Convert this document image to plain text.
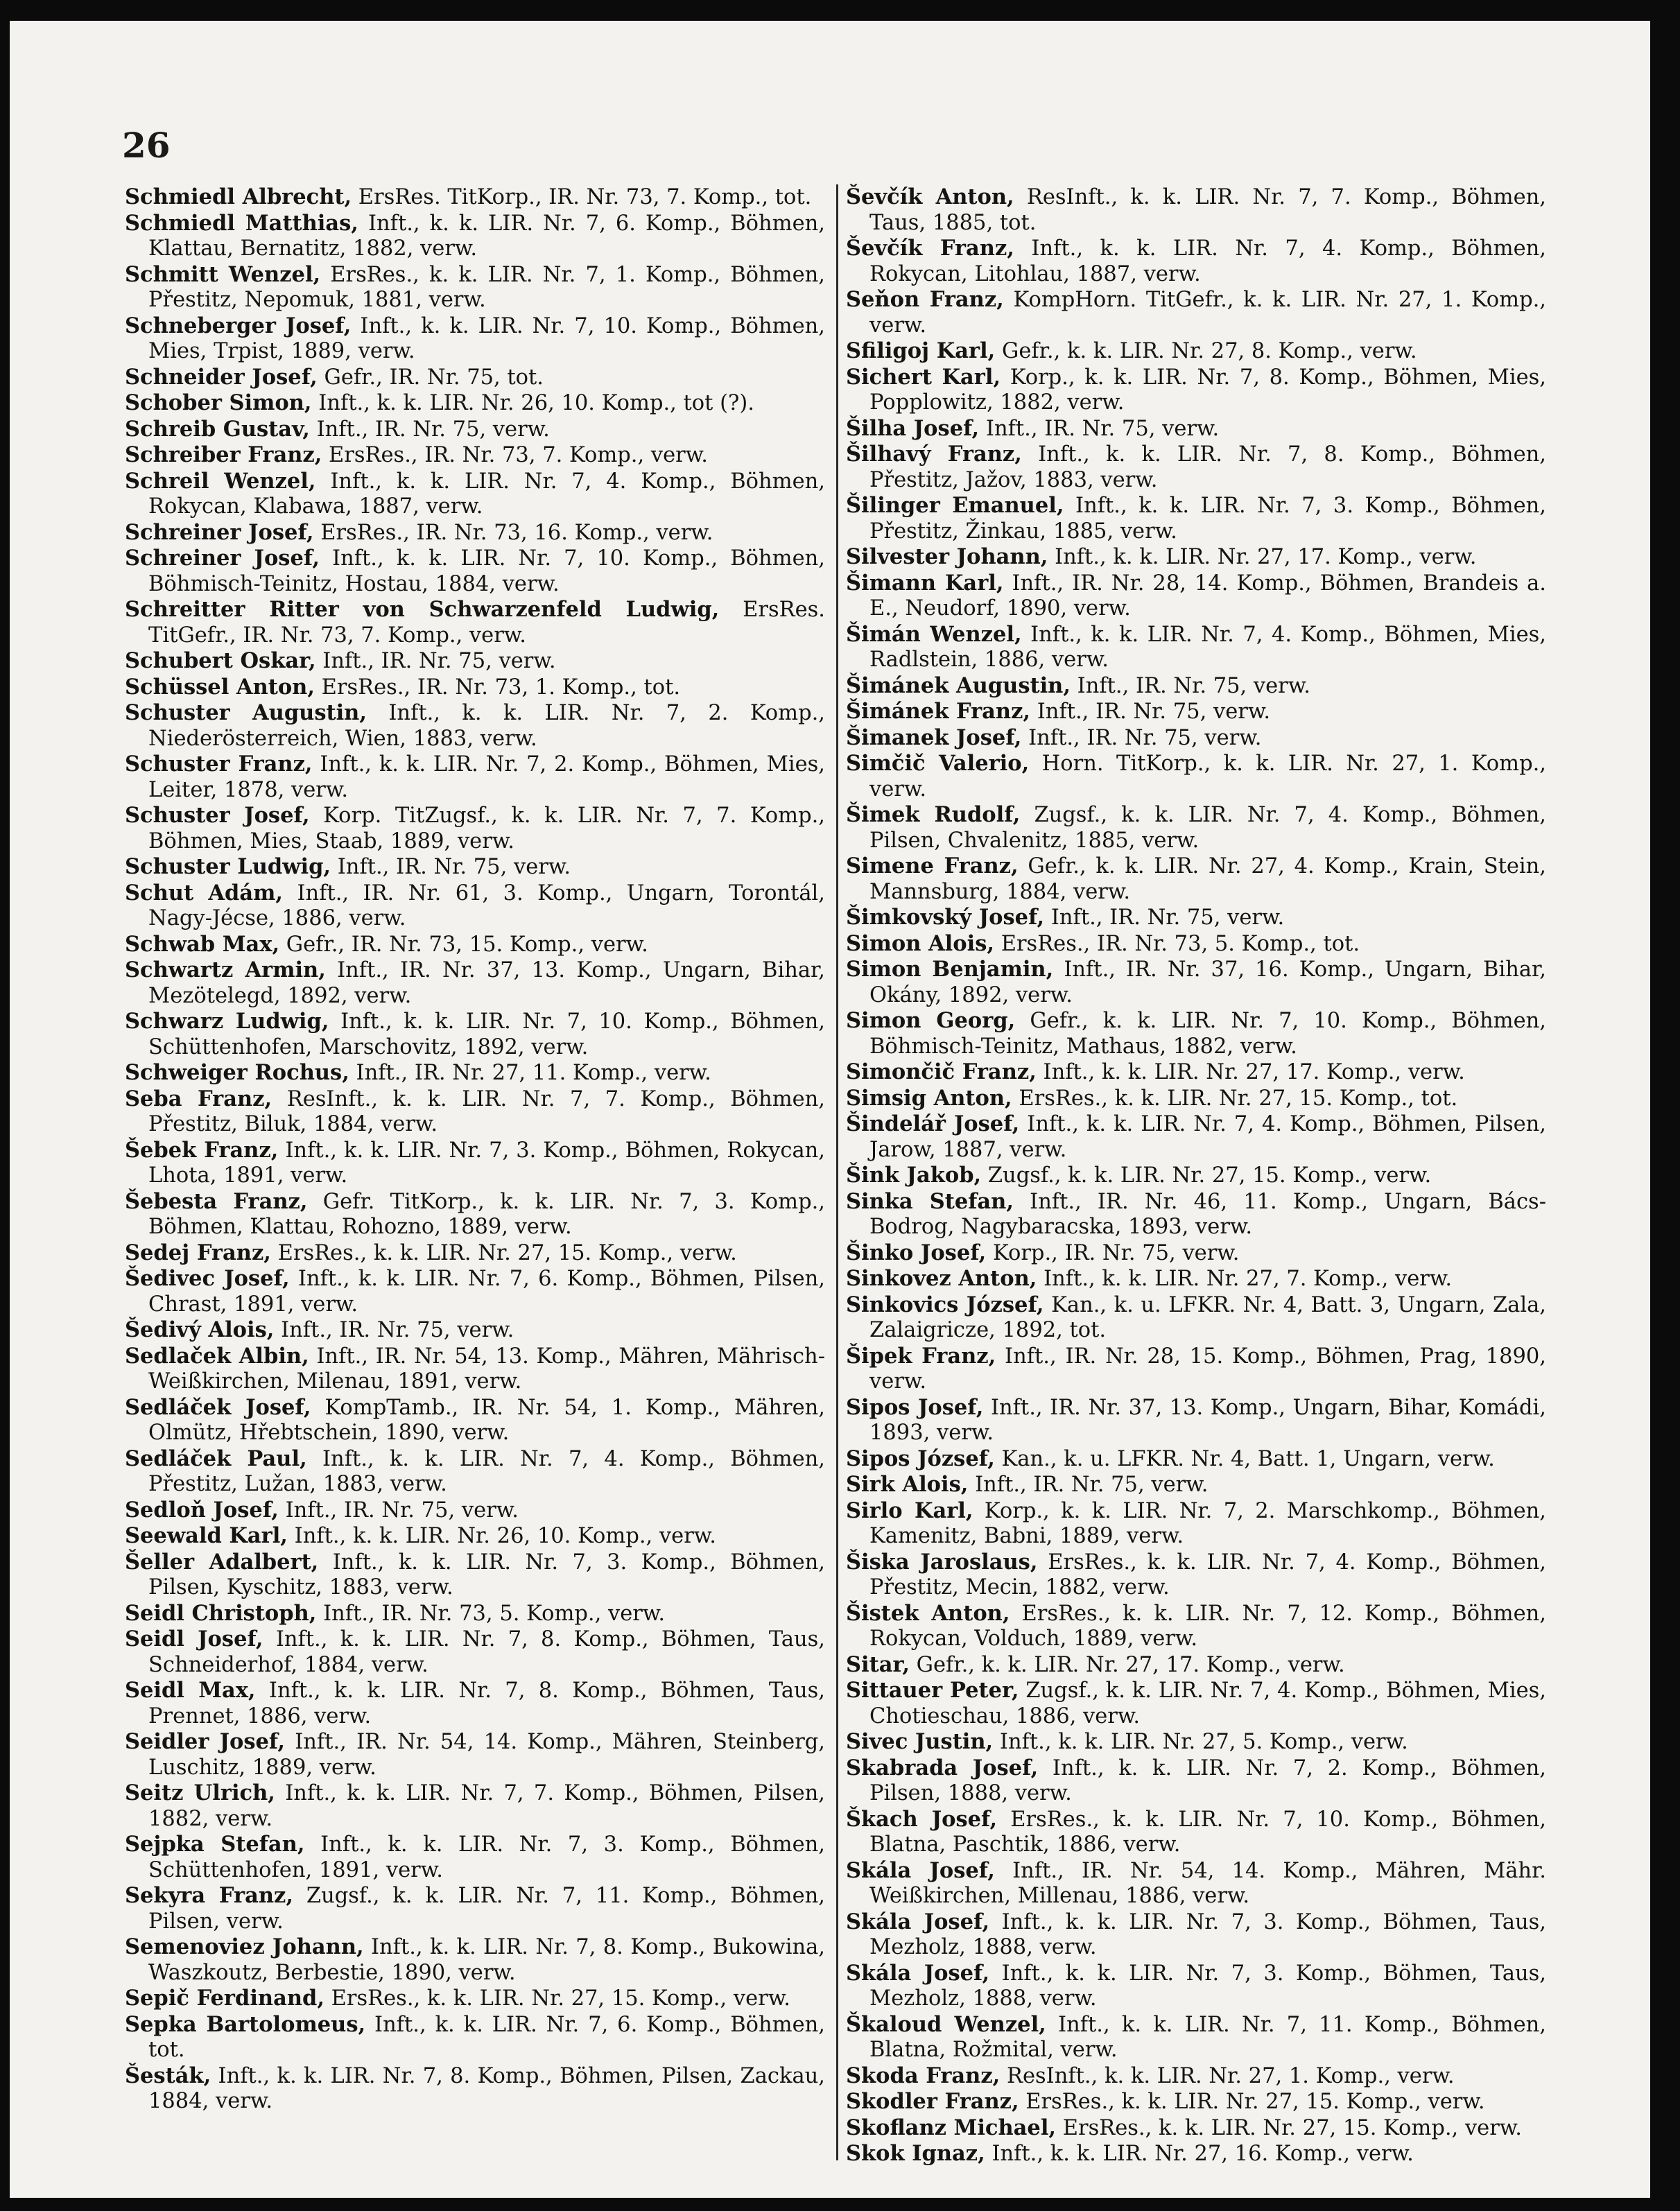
26

Schmiedl Albrecht, ErsRes. TitKorp., IR. Nr. 73, 7. Komp., tot.

Schmiedl Matthias, Inft., k. k. LIR. Nr. 7, 6. Komp., Böhmen, Klattau, Bernatitz, 1882, verw.

Schmitt Wenzel, ErsRes., k. k. LIR. Nr. 7, 1. Komp., Böhmen, Přestitz, Nepomuk, 1881, verw.

Schneberger Josef, Inft., k. k. LIR. Nr. 7, 10. Komp., Böhmen, Mies, Trpist, 1889, verw.

Schneider Josef, Gefr., IR. Nr. 75, tot.

Schober Simon, Inft., k. k. LIR. Nr. 26, 10. Komp., tot (?).

Schreib Gustav, Inft., IR. Nr. 75, verw.

Schreiber Franz, ErsRes., IR. Nr. 73, 7. Komp., verw.

Schreil Wenzel, Inft., k. k. LIR. Nr. 7, 4. Komp., Böhmen, Rokycan, Klabawa, 1887, verw.

Schreiner Josef, ErsRes., IR. Nr. 73, 16. Komp., verw.

Schreiner Josef, Inft., k. k. LIR. Nr. 7, 10. Komp., Böhmen, Böhmisch-Teinitz, Hostau, 1884, verw.

Schreitter Ritter von Schwarzenfeld Ludwig, ErsRes. TitGefr., IR. Nr. 73, 7. Komp., verw.

Schubert Oskar, Inft., IR. Nr. 75, verw.

Schüssel Anton, ErsRes., IR. Nr. 73, 1. Komp., tot.

Schuster Augustin, Inft., k. k. LIR. Nr. 7, 2. Komp., Niederösterreich, Wien, 1883, verw.

Schuster Franz, Inft., k. k. LIR. Nr. 7, 2. Komp., Böhmen, Mies, Leiter, 1878, verw.

Schuster Josef, Korp. TitZugsf., k. k. LIR. Nr. 7, 7. Komp., Böhmen, Mies, Staab, 1889, verw.

Schuster Ludwig, Inft., IR. Nr. 75, verw.

Schut Adám, Inft., IR. Nr. 61, 3. Komp., Ungarn, Torontál, Nagy-Jécse, 1886, verw.

Schwab Max, Gefr., IR. Nr. 73, 15. Komp., verw.

Schwartz Armin, Inft., IR. Nr. 37, 13. Komp., Ungarn, Bihar, Mezötelegd, 1892, verw.

Schwarz Ludwig, Inft., k. k. LIR. Nr. 7, 10. Komp., Böhmen, Schüttenhofen, Marschovitz, 1892, verw.

Schweiger Rochus, Inft., IR. Nr. 27, 11. Komp., verw.

Seba Franz, ResInft., k. k. LIR. Nr. 7, 7. Komp., Böhmen, Přestitz, Biluk, 1884, verw.

Šebek Franz, Inft., k. k. LIR. Nr. 7, 3. Komp., Böhmen, Rokycan, Lhota, 1891, verw.

Šebesta Franz, Gefr. TitKorp., k. k. LIR. Nr. 7, 3. Komp., Böhmen, Klattau, Rohozno, 1889, verw.

Sedej Franz, ErsRes., k. k. LIR. Nr. 27, 15. Komp., verw.

Šedivec Josef, Inft., k. k. LIR. Nr. 7, 6. Komp., Böhmen, Pilsen, Chrast, 1891, verw.

Šedivý Alois, Inft., IR. Nr. 75, verw.

Sedlaček Albin, Inft., IR. Nr. 54, 13. Komp., Mähren, Mährisch-Weißkirchen, Milenau, 1891, verw.

Sedláček Josef, KompTamb., IR. Nr. 54, 1. Komp., Mähren, Olmütz, Hřebtschein, 1890, verw.

Sedláček Paul, Inft., k. k. LIR. Nr. 7, 4. Komp., Böhmen, Přestitz, Lužan, 1883, verw.

Sedloň Josef, Inft., IR. Nr. 75, verw.

Seewald Karl, Inft., k. k. LIR. Nr. 26, 10. Komp., verw.

Šeller Adalbert, Inft., k. k. LIR. Nr. 7, 3. Komp., Böhmen, Pilsen, Kyschitz, 1883, verw.

Seidl Christoph, Inft., IR. Nr. 73, 5. Komp., verw.

Seidl Josef, Inft., k. k. LIR. Nr. 7, 8. Komp., Böhmen, Taus, Schneiderhof, 1884, verw.

Seidl Max, Inft., k. k. LIR. Nr. 7, 8. Komp., Böhmen, Taus, Prennet, 1886, verw.

Seidler Josef, Inft., IR. Nr. 54, 14. Komp., Mähren, Steinberg, Luschitz, 1889, verw.

Seitz Ulrich, Inft., k. k. LIR. Nr. 7, 7. Komp., Böhmen, Pilsen, 1882, verw.

Sejpka Stefan, Inft., k. k. LIR. Nr. 7, 3. Komp., Böhmen, Schüttenhofen, 1891, verw.

Sekyra Franz, Zugsf., k. k. LIR. Nr. 7, 11. Komp., Böhmen, Pilsen, verw.

Semenoviez Johann, Inft., k. k. LIR. Nr. 7, 8. Komp., Bukowina, Waszkoutz, Berbestie, 1890, verw.

Sepič Ferdinand, ErsRes., k. k. LIR. Nr. 27, 15. Komp., verw.

Sepka Bartolomeus, Inft., k. k. LIR. Nr. 7, 6. Komp., Böhmen, tot.

Šesták, Inft., k. k. LIR. Nr. 7, 8. Komp., Böhmen, Pilsen, Zackau, 1884, verw.

Ševčík Anton, ResInft., k. k. LIR. Nr. 7, 7. Komp., Böhmen, Taus, 1885, tot.

Ševčík Franz, Inft., k. k. LIR. Nr. 7, 4. Komp., Böhmen, Rokycan, Litohlau, 1887, verw.

Seňon Franz, KompHorn. TitGefr., k. k. LIR. Nr. 27, 1. Komp., verw.

Sfiligoj Karl, Gefr., k. k. LIR. Nr. 27, 8. Komp., verw.

Sichert Karl, Korp., k. k. LIR. Nr. 7, 8. Komp., Böhmen, Mies, Popplowitz, 1882, verw.

Šilha Josef, Inft., IR. Nr. 75, verw.

Šilhavý Franz, Inft., k. k. LIR. Nr. 7, 8. Komp., Böhmen, Přestitz, Jažov, 1883, verw.

Šilinger Emanuel, Inft., k. k. LIR. Nr. 7, 3. Komp., Böhmen, Přestitz, Žinkau, 1885, verw.

Silvester Johann, Inft., k. k. LIR. Nr. 27, 17. Komp., verw.

Šimann Karl, Inft., IR. Nr. 28, 14. Komp., Böhmen, Brandeis a. E., Neudorf, 1890, verw.

Šimán Wenzel, Inft., k. k. LIR. Nr. 7, 4. Komp., Böhmen, Mies, Radlstein, 1886, verw.

Šimánek Augustin, Inft., IR. Nr. 75, verw.

Šimánek Franz, Inft., IR. Nr. 75, verw.

Šimanek Josef, Inft., IR. Nr. 75, verw.

Simčič Valerio, Horn. TitKorp., k. k. LIR. Nr. 27, 1. Komp., verw.

Šimek Rudolf, Zugsf., k. k. LIR. Nr. 7, 4. Komp., Böhmen, Pilsen, Chvalenitz, 1885, verw.

Simene Franz, Gefr., k. k. LIR. Nr. 27, 4. Komp., Krain, Stein, Mannsburg, 1884, verw.

Šimkovský Josef, Inft., IR. Nr. 75, verw.

Simon Alois, ErsRes., IR. Nr. 73, 5. Komp., tot.

Simon Benjamin, Inft., IR. Nr. 37, 16. Komp., Ungarn, Bihar, Okány, 1892, verw.

Simon Georg, Gefr., k. k. LIR. Nr. 7, 10. Komp., Böhmen, Böhmisch-Teinitz, Mathaus, 1882, verw.

Simončič Franz, Inft., k. k. LIR. Nr. 27, 17. Komp., verw.

Simsig Anton, ErsRes., k. k. LIR. Nr. 27, 15. Komp., tot.

Šindelář Josef, Inft., k. k. LIR. Nr. 7, 4. Komp., Böhmen, Pilsen, Jarow, 1887, verw.

Šink Jakob, Zugsf., k. k. LIR. Nr. 27, 15. Komp., verw.

Sinka Stefan, Inft., IR. Nr. 46, 11. Komp., Ungarn, Bács-Bodrog, Nagybaracska, 1893, verw.

Šinko Josef, Korp., IR. Nr. 75, verw.

Sinkovez Anton, Inft., k. k. LIR. Nr. 27, 7. Komp., verw.

Sinkovics József, Kan., k. u. LFKR. Nr. 4, Batt. 3, Ungarn, Zala, Zalaigricze, 1892, tot.

Šipek Franz, Inft., IR. Nr. 28, 15. Komp., Böhmen, Prag, 1890, verw.

Sipos Josef, Inft., IR. Nr. 37, 13. Komp., Ungarn, Bihar, Komádi, 1893, verw.

Sipos József, Kan., k. u. LFKR. Nr. 4, Batt. 1, Ungarn, verw.

Sirk Alois, Inft., IR. Nr. 75, verw.

Sirlo Karl, Korp., k. k. LIR. Nr. 7, 2. Marschkomp., Böhmen, Kamenitz, Babni, 1889, verw.

Šiska Jaroslaus, ErsRes., k. k. LIR. Nr. 7, 4. Komp., Böhmen, Přestitz, Mecin, 1882, verw.

Šistek Anton, ErsRes., k. k. LIR. Nr. 7, 12. Komp., Böhmen, Rokycan, Volduch, 1889, verw.

Sitar, Gefr., k. k. LIR. Nr. 27, 17. Komp., verw.

Sittauer Peter, Zugsf., k. k. LIR. Nr. 7, 4. Komp., Böhmen, Mies, Chotieschau, 1886, verw.

Sivec Justin, Inft., k. k. LIR. Nr. 27, 5. Komp., verw.

Skabrada Josef, Inft., k. k. LIR. Nr. 7, 2. Komp., Böhmen, Pilsen, 1888, verw.

Škach Josef, ErsRes., k. k. LIR. Nr. 7, 10. Komp., Böhmen, Blatna, Paschtik, 1886, verw.

Skála Josef, Inft., IR. Nr. 54, 14. Komp., Mähren, Mähr. Weißkirchen, Millenau, 1886, verw.

Skála Josef, Inft., k. k. LIR. Nr. 7, 3. Komp., Böhmen, Taus, Mezholz, 1888, verw.

Skála Josef, Inft., k. k. LIR. Nr. 7, 3. Komp., Böhmen, Taus, Mezholz, 1888, verw.

Škaloud Wenzel, Inft., k. k. LIR. Nr. 7, 11. Komp., Böhmen, Blatna, Rožmital, verw.

Skoda Franz, ResInft., k. k. LIR. Nr. 27, 1. Komp., verw.

Skodler Franz, ErsRes., k. k. LIR. Nr. 27, 15. Komp., verw.

Skoflanz Michael, ErsRes., k. k. LIR. Nr. 27, 15. Komp., verw.

Skok Ignaz, Inft., k. k. LIR. Nr. 27, 16. Komp., verw.
